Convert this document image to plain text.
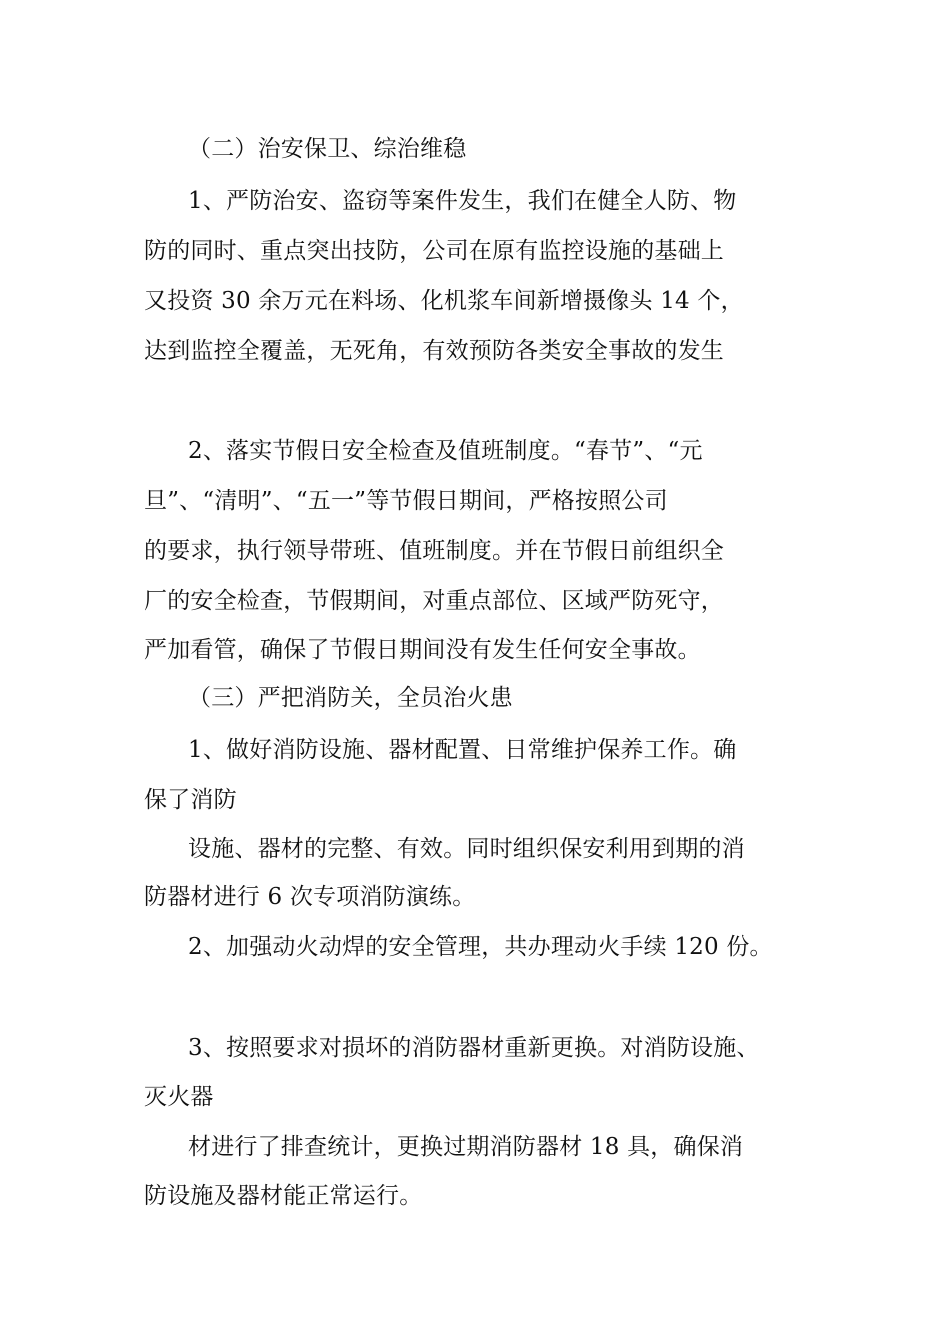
（二）治安保卫、综治维稳
1、严防治安、盗窃等案件发生，我们在健全人防、物
防的同时、重点突出技防，公司在原有监控设施的基础上
又投资 30 余万元在料场、化机浆车间新增摄像头 14 个，
达到监控全覆盖，无死角，有效预防各类安全事故的发生
2、落实节假日安全检查及值班制度。“春节”、“元
旦”、“清明”、“五一”等节假日期间，严格按照公司
的要求，执行领导带班、值班制度。并在节假日前组织全
厂的安全检查，节假期间，对重点部位、区域严防死守，
严加看管，确保了节假日期间没有发生任何安全事故。
（三）严把消防关，全员治火患
1、做好消防设施、器材配置、日常维护保养工作。确
保了消防
设施、器材的完整、有效。同时组织保安利用到期的消
防器材进行 6 次专项消防演练。
2、加强动火动焊的安全管理，共办理动火手续 120 份。
3、按照要求对损坏的消防器材重新更换。对消防设施、
灭火器
材进行了排查统计，更换过期消防器材 18 具，确保消
防设施及器材能正常运行。
